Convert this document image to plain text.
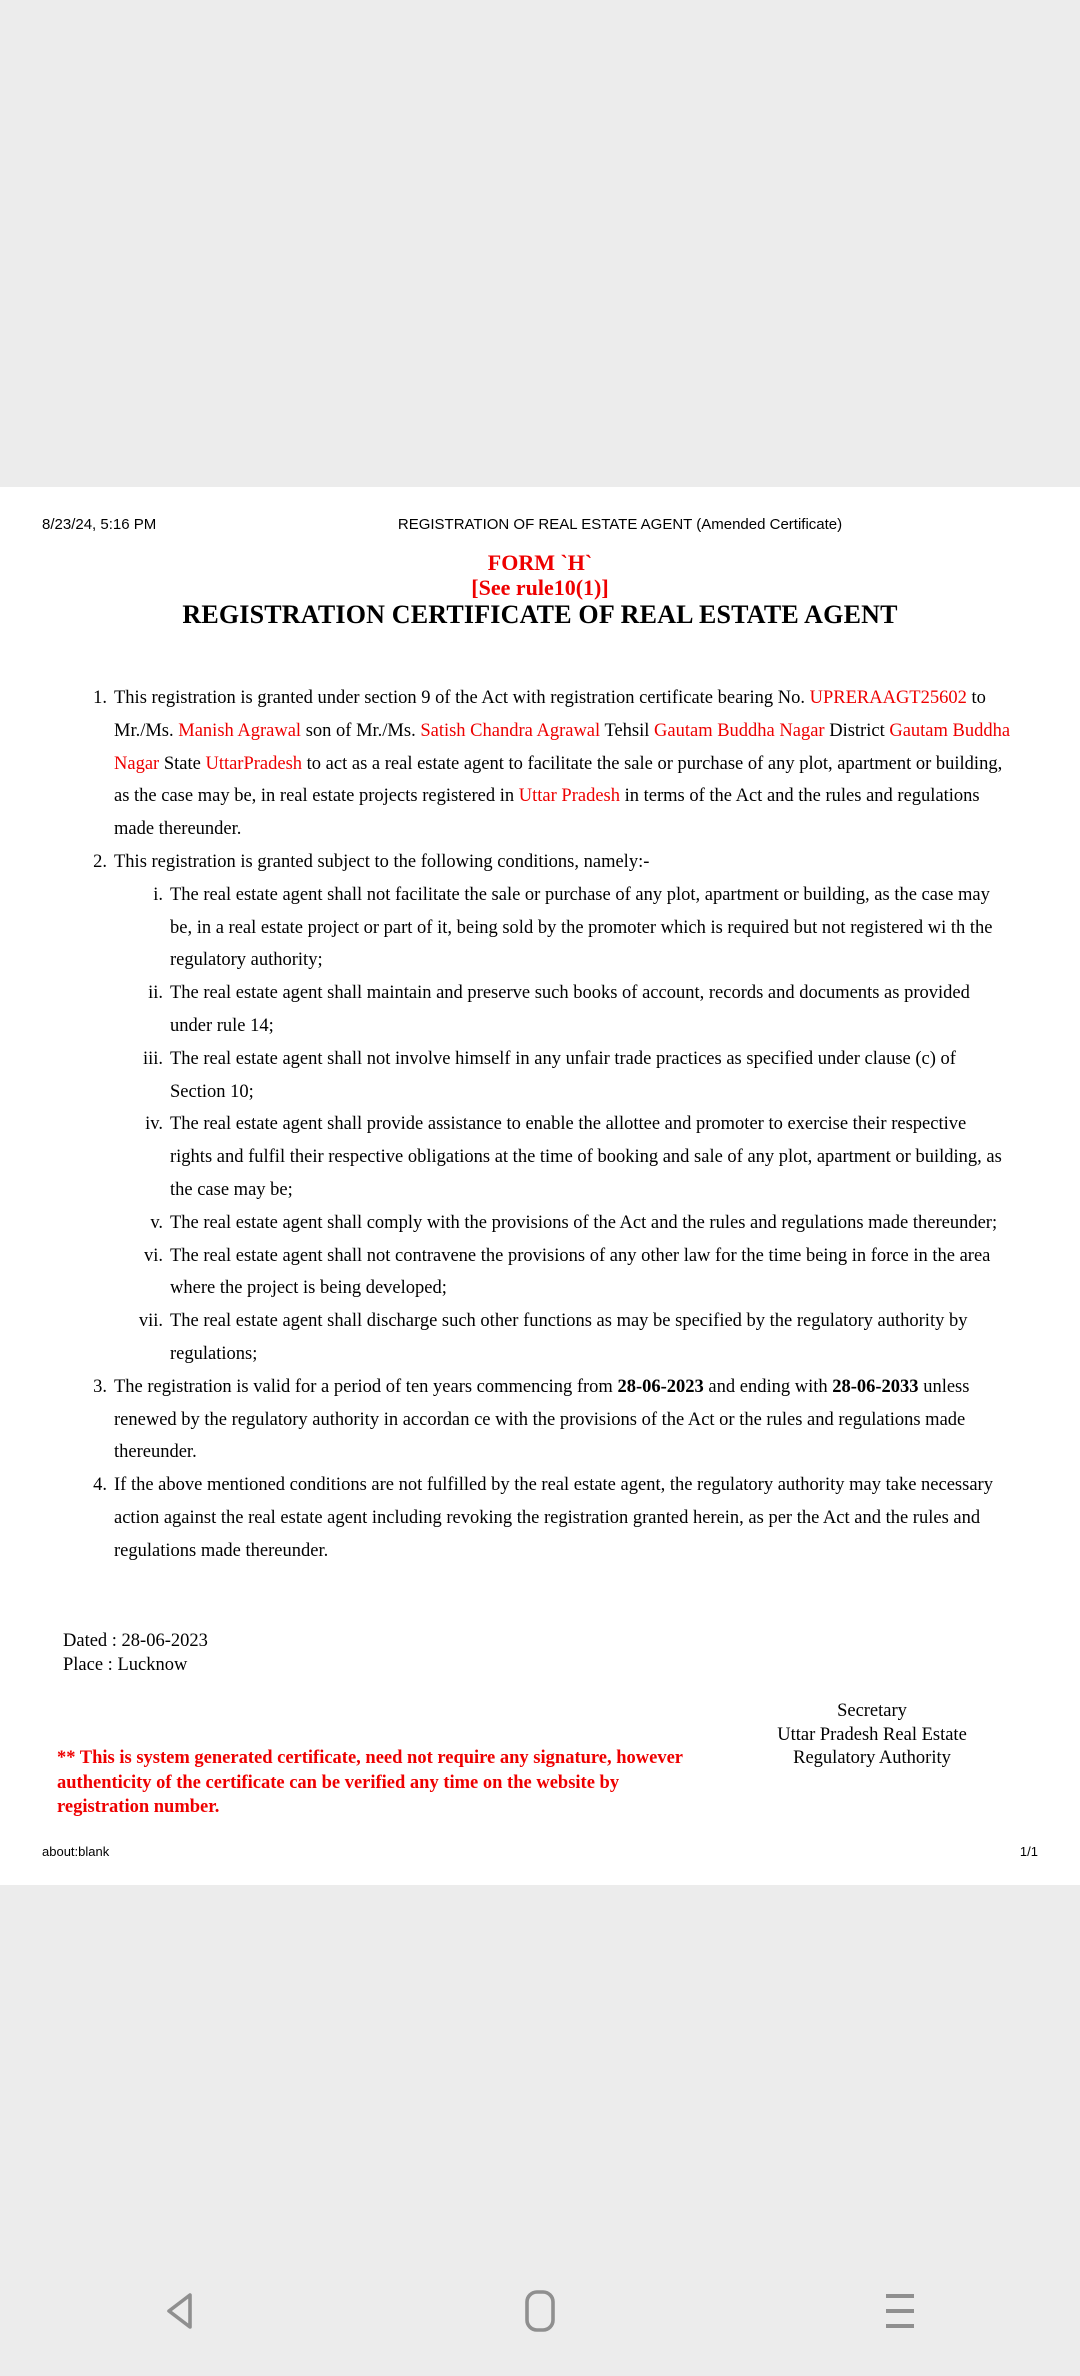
8/23/24, 5:16 PM	REGISTRATION OF REAL ESTATE AGENT (Amended Certificate)
FORM `H`
[See rule10(1)]
REGISTRATION CERTIFICATE OF REAL ESTATE AGENT
1. This registration is granted under section 9 of the Act with registration certificate bearing No. UPRERAAGT25602 to Mr./Ms. Manish Agrawal son of Mr./Ms. Satish Chandra Agrawal Tehsil Gautam Buddha Nagar District Gautam Buddha Nagar State UttarPradesh to act as a real estate agent to facilitate the sale or purchase of any plot, apartment or building, as the case may be, in real estate projects registered in Uttar Pradesh in terms of the Act and the rules and regulations made thereunder.
2. This registration is granted subject to the following conditions, namely:-
i. The real estate agent shall not facilitate the sale or purchase of any plot, apartment or building, as the case may be, in a real estate project or part of it, being sold by the promoter which is required but not registered wi th the regulatory authority;
ii. The real estate agent shall maintain and preserve such books of account, records and documents as provided under rule 14;
iii. The real estate agent shall not involve himself in any unfair trade practices as specified under clause (c) of Section 10;
iv. The real estate agent shall provide assistance to enable the allottee and promoter to exercise their respective rights and fulfil their respective obligations at the time of booking and sale of any plot, apartment or building, as the case may be;
v. The real estate agent shall comply with the provisions of the Act and the rules and regulations made thereunder;
vi. The real estate agent shall not contravene the provisions of any other law for the time being in force in the area where the project is being developed;
vii. The real estate agent shall discharge such other functions as may be specified by the regulatory authority by regulations;
3. The registration is valid for a period of ten years commencing from 28-06-2023 and ending with 28-06-2033 unless renewed by the regulatory authority in accordan ce with the provisions of the Act or the rules and regulations made thereunder.
4. If the above mentioned conditions are not fulfilled by the real estate agent, the regulatory authority may take necessary action against the real estate agent including revoking the registration granted herein, as per the Act and the rules and regulations made thereunder.
Dated : 28-06-2023
Place : Lucknow
Secretary
Uttar Pradesh Real Estate
Regulatory Authority
** This is system generated certificate, need not require any signature, however authenticity of the certificate can be verified any time on the website by registration number.
about:blank	1/1
